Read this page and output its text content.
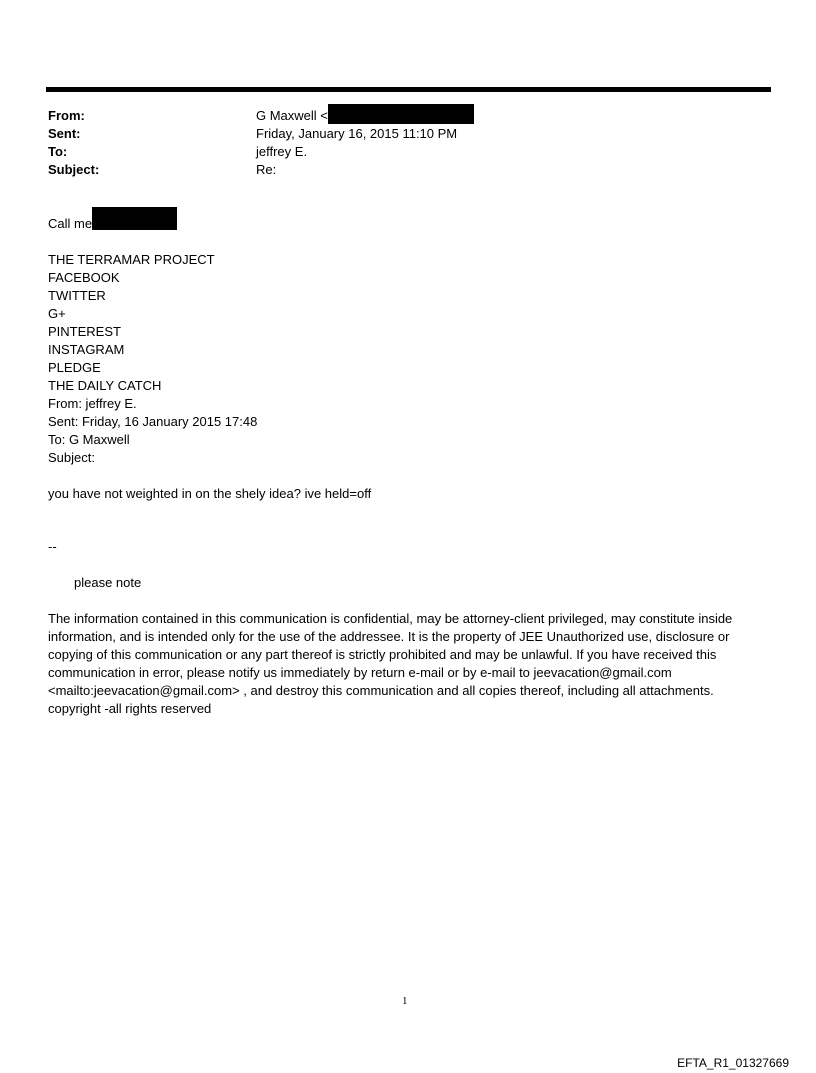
From:	G Maxwell <
Sent:	Friday, January 16, 2015 11:10 PM
To:	jeffrey E.
Subject:	Re:
Call me
THE TERRAMAR PROJECT
FACEBOOK
TWITTER
G+
PINTEREST
INSTAGRAM
PLEDGE
THE DAILY CATCH
From: jeffrey E.
Sent: Friday, 16 January 2015 17:48
To: G Maxwell
Subject:
you have not weighted in on the shely idea? ive held=off
--
please note

The information contained in this communication is confidential, may be attorney-client privileged, may constitute inside information, and is intended only for the use of the addressee. It is the property of JEE Unauthorized use, disclosure or copying of this communication or any part thereof is strictly prohibited and may be unlawful. If you have received this communication in error, please notify us immediately by return e-mail or by e-mail to jeevacation@gmail.com <mailto:jeevacation@gmail.com> , and destroy this communication and all copies thereof, including all attachments. copyright -all rights reserved

1
EFTA_R1_01327669
